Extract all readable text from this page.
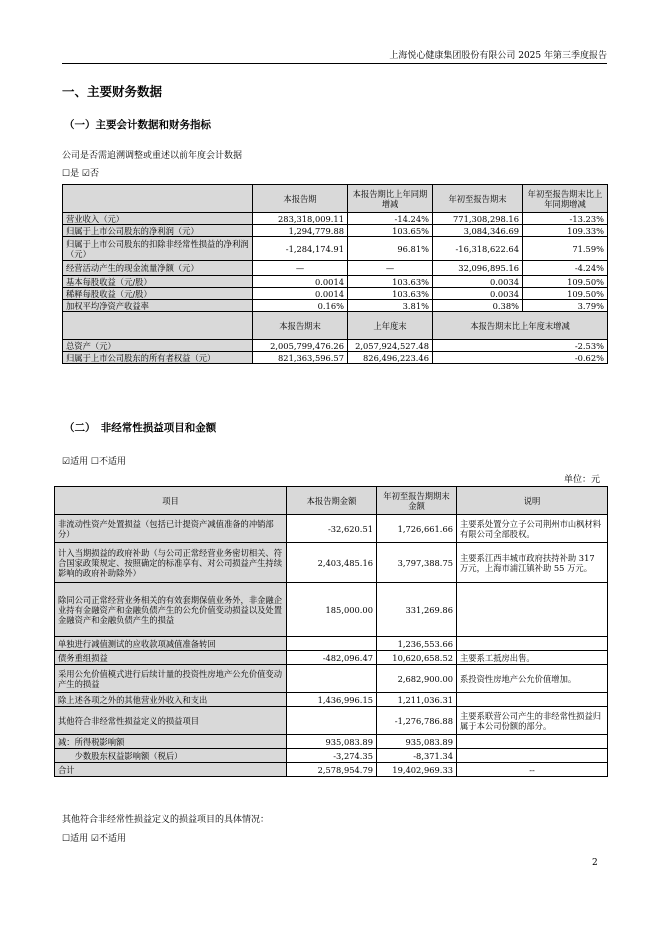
上海悦心健康集团股份有限公司 2025 年第三季度报告
一、主要财务数据
（一）主要会计数据和财务指标
公司是否需追溯调整或重述以前年度会计数据
☐是 ☑否
	本报告期	本报告期比上年同期增减	年初至报告期末	年初至报告期末比上年同期增减
营业收入（元）	283,318,009.11	-14.24%	771,308,298.16	-13.23%
归属于上市公司股东的净利润（元）	1,294,779.88	103.65%	3,084,346.69	109.33%
归属于上市公司股东的扣除非经常性损益的净利润（元）	-1,284,174.91	96.81%	-16,318,622.64	71.59%
经营活动产生的现金流量净额（元）	—	—	32,096,895.16	-4.24%
基本每股收益（元/股）	0.0014	103.63%	0.0034	109.50%
稀释每股收益（元/股）	0.0014	103.63%	0.0034	109.50%
加权平均净资产收益率	0.16%	3.81%	0.38%	3.79%
	本报告期末	上年度末	本报告期末比上年度末增减	
总资产（元）	2,005,799,476.26	2,057,924,527.48	-2.53%	
归属于上市公司股东的所有者权益（元）	821,363,596.57	826,496,223.46	-0.62%	
（二）　非经常性损益项目和金额
☑适用 ☐不适用
单位：元
项目	本报告期金额	年初至报告期期末金额	说明
非流动性资产处置损益（包括已计提资产减值准备的冲销部分）	-32,620.51	1,726,661.66	主要系处置分立子公司荆州市山枫材料有限公司全部股权。
计入当期损益的政府补助（与公司正常经营业务密切相关、符合国家政策规定、按照确定的标准享有、对公司损益产生持续影响的政府补助除外）	2,403,485.16	3,797,388.75	主要系江西丰城市政府扶持补助 317 万元，上海市浦江镇补助 55 万元。
除同公司正常经营业务相关的有效套期保值业务外，非金融企业持有金融资产和金融负债产生的公允价值变动损益以及处置金融资产和金融负债产生的损益	185,000.00	331,269.86	
单独进行减值测试的应收款项减值准备转回		1,236,553.66	
债务重组损益	-482,096.47	10,620,658.52	主要系工抵房出售。
采用公允价值模式进行后续计量的投资性房地产公允价值变动产生的损益		2,682,900.00	系投资性房地产公允价值增加。
除上述各项之外的其他营业外收入和支出	1,436,996.15	1,211,036.31	
其他符合非经常性损益定义的损益项目		-1,276,786.88	主要系联营公司产生的非经常性损益归属于本公司份额的部分。
减：所得税影响额	935,083.89	935,083.89	
　　少数股东权益影响额（税后）	-3,274.35	-8,371.34	
合计	2,578,954.79	19,402,969.33	--
其他符合非经常性损益定义的损益项目的具体情况：
☐适用 ☑不适用
2
